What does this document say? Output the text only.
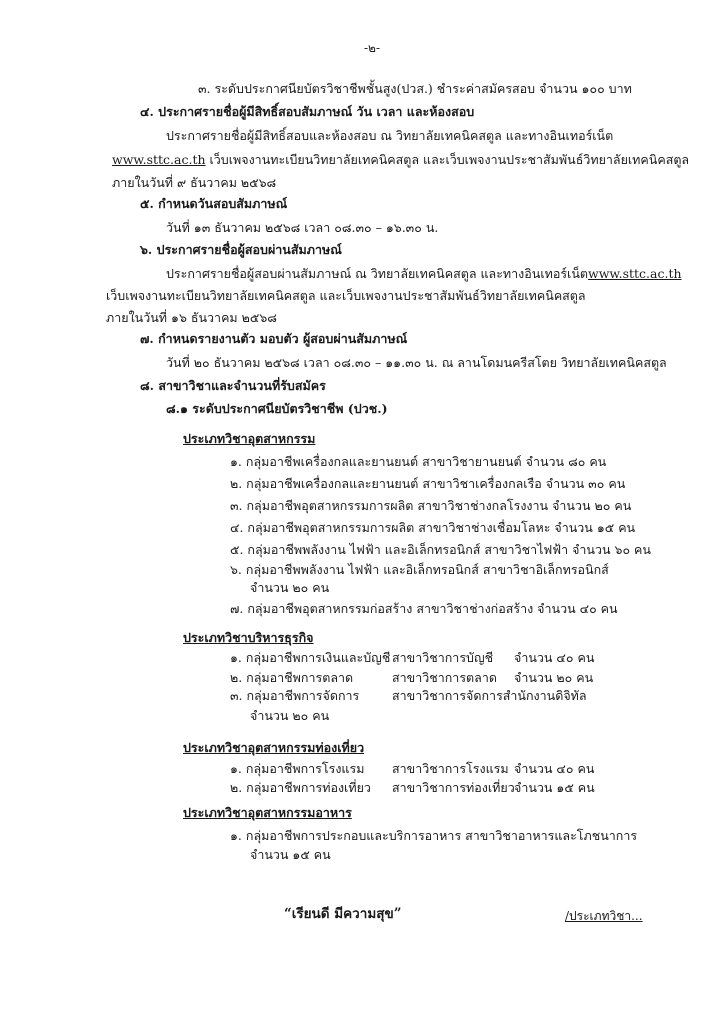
-๒-
๓. ระดับประกาศนียบัตรวิชาชีพชั้นสูง(ปวส.) ชำระค่าสมัครสอบ จำนวน ๑๐๐ บาท
๔. ประกาศรายชื่อผู้มีสิทธิ์สอบสัมภาษณ์ วัน เวลา และห้องสอบ
ประกาศรายชื่อผู้มีสิทธิ์สอบและห้องสอบ ณ วิทยาลัยเทคนิคสตูล และทางอินเทอร์เน็ต
www.sttc.ac.th เว็บเพจงานทะเบียนวิทยาลัยเทคนิคสตูล และเว็บเพจงานประชาสัมพันธ์วิทยาลัยเทคนิคสตูล
ภายในวันที่ ๙ ธันวาคม ๒๕๖๘
๕. กำหนดวันสอบสัมภาษณ์
วันที่ ๑๓ ธันวาคม ๒๕๖๘ เวลา ๐๘.๓๐ – ๑๖.๓๐ น.
๖. ประกาศรายชื่อผู้สอบผ่านสัมภาษณ์
ประกาศรายชื่อผู้สอบผ่านสัมภาษณ์ ณ วิทยาลัยเทคนิคสตูล และทางอินเทอร์เน็ตwww.sttc.ac.th
เว็บเพจงานทะเบียนวิทยาลัยเทคนิคสตูล และเว็บเพจงานประชาสัมพันธ์วิทยาลัยเทคนิคสตูล
ภายในวันที่ ๑๖ ธันวาคม ๒๕๖๘
๗. กำหนดรายงานตัว มอบตัว ผู้สอบผ่านสัมภาษณ์
วันที่ ๒๐ ธันวาคม ๒๕๖๘ เวลา ๐๘.๓๐ – ๑๑.๓๐ น. ณ ลานโดมนครีสโตย วิทยาลัยเทคนิคสตูล
๘. สาขาวิชาและจำนวนที่รับสมัคร
๘.๑ ระดับประกาศนียบัตรวิชาชีพ (ปวช.)
ประเภทวิชาอุตสาหกรรม
๑. กลุ่มอาชีพเครื่องกลและยานยนต์ สาขาวิชายานยนต์ จำนวน ๘๐ คน
๒. กลุ่มอาชีพเครื่องกลและยานยนต์ สาขาวิชาเครื่องกลเรือ จำนวน ๓๐ คน
๓. กลุ่มอาชีพอุตสาหกรรมการผลิต สาขาวิชาช่างกลโรงงาน จำนวน ๒๐ คน
๔. กลุ่มอาชีพอุตสาหกรรมการผลิต สาขาวิชาช่างเชื่อมโลหะ จำนวน ๑๕ คน
๕. กลุ่มอาชีพพลังงาน ไฟฟ้า และอิเล็กทรอนิกส์ สาขาวิชาไฟฟ้า จำนวน ๖๐ คน
๖. กลุ่มอาชีพพลังงาน ไฟฟ้า และอิเล็กทรอนิกส์ สาขาวิชาอิเล็กทรอนิกส์
จำนวน ๒๐ คน
๗. กลุ่มอาชีพอุตสาหกรรมก่อสร้าง สาขาวิชาช่างก่อสร้าง จำนวน ๔๐ คน
ประเภทวิชาบริหารธุรกิจ
๑. กลุ่มอาชีพการเงินและบัญชี สาขาวิชาการบัญชี จำนวน ๔๐ คน
๒. กลุ่มอาชีพการตลาด	สาขาวิชาการตลาด จำนวน ๒๐ คน
๓. กลุ่มอาชีพการจัดการ	สาขาวิชาการจัดการสำนักงานดิจิทัล
จำนวน ๒๐ คน
ประเภทวิชาอุตสาหกรรมท่องเที่ยว
๑. กลุ่มอาชีพการโรงแรม สาขาวิชาการโรงแรม จำนวน ๔๐ คน
๒. กลุ่มอาชีพการท่องเที่ยว สาขาวิชาการท่องเที่ยว จำนวน ๑๕ คน
ประเภทวิชาอุตสาหกรรมอาหาร
๑. กลุ่มอาชีพการประกอบและบริการอาหาร สาขาวิชาอาหารและโภชนาการ
จำนวน ๑๕ คน
“เรียนดี มีความสุข”	/ประเภทวิชา...
